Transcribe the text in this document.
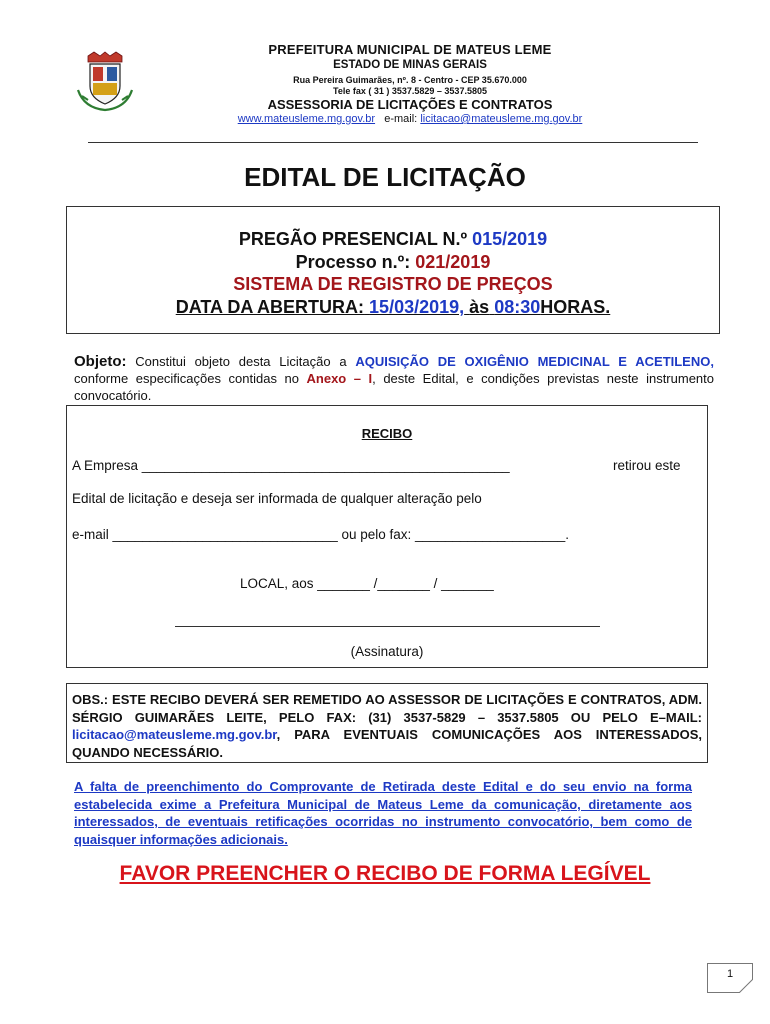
PREFEITURA MUNICIPAL DE MATEUS LEME
ESTADO DE MINAS GERAIS
Rua Pereira Guimarães, nº. 8 - Centro - CEP 35.670.000
Tele fax ( 31 ) 3537.5829 – 3537.5805
ASSESSORIA DE LICITAÇÕES E CONTRATOS
www.mateusleme.mg.gov.br e-mail: licitacao@mateusleme.mg.gov.br
EDITAL DE LICITAÇÃO
PREGÃO PRESENCIAL N.º 015/2019
Processo n.º: 021/2019
SISTEMA DE REGISTRO DE PREÇOS
DATA DA ABERTURA: 15/03/2019, às 08:30HORAS.
Objeto: Constitui objeto desta Licitação a AQUISIÇÃO DE OXIGÊNIO MEDICINAL E ACETILENO, conforme especificações contidas no Anexo – I, deste Edital, e condições previstas neste instrumento convocatório.
RECIBO
A Empresa _________________________________________________	retirou este
Edital de licitação e deseja ser informada de qualquer alteração pelo
e-mail ______________________________ ou pelo fax: ____________________.
LOCAL, aos _______ /_______ / _______
(Assinatura)
OBS.: ESTE RECIBO DEVERÁ SER REMETIDO AO ASSESSOR DE LICITAÇÕES E CONTRATOS, ADM. SÉRGIO GUIMARÃES LEITE, PELO FAX: (31) 3537-5829 – 3537.5805 OU PELO E–MAIL: licitacao@mateusleme.mg.gov.br, PARA EVENTUAIS COMUNICAÇÕES AOS INTERESSADOS, QUANDO NECESSÁRIO.
A falta de preenchimento do Comprovante de Retirada deste Edital e do seu envio na forma estabelecida exime a Prefeitura Municipal de Mateus Leme da comunicação, diretamente aos interessados, de eventuais retificações ocorridas no instrumento convocatório, bem como de quaisquer informações adicionais.
FAVOR PREENCHER O RECIBO DE FORMA LEGÍVEL
1
